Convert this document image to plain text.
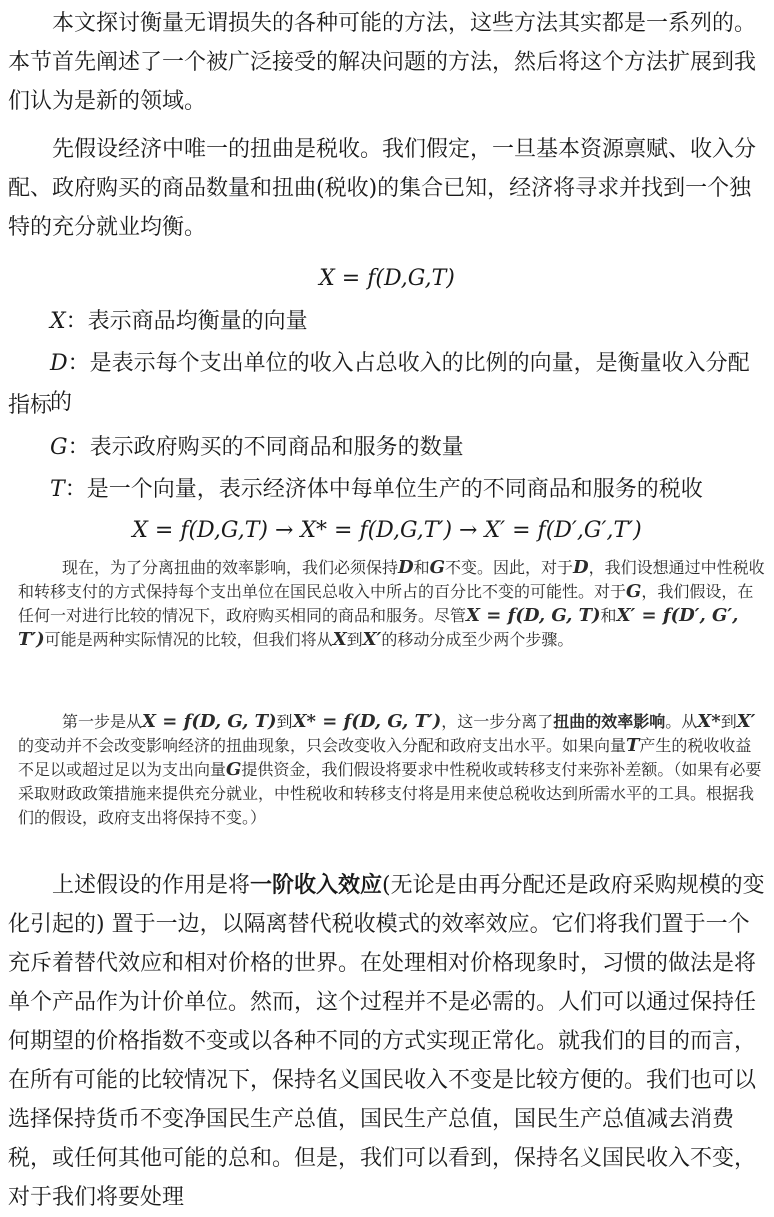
本文探讨衡量无谓损失的各种可能的方法，这些方法其实都是一系列的。本节首先阐述了一个被广泛接受的解决问题的方法，然后将这个方法扩展到我们认为是新的领域。

先假设经济中唯一的扭曲是税收。我们假定，一旦基本资源禀赋、收入分配、政府购买的商品数量和扭曲(税收)的集合已知，经济将寻求并找到一个独特的充分就业均衡。

X = f(D,G,T)

X：表示商品均衡量的向量

D：是表示每个支出单位的收入占总收入的比例的向量，是衡量收入分配的

指标

G：表示政府购买的不同商品和服务的数量

T：是一个向量，表示经济体中每单位生产的不同商品和服务的税收

X = f(D,G,T) → X* = f(D,G,T′) → X′ = f(D′,G′,T′)

现在，为了分离扭曲的效率影响，我们必须保持D和G不变。因此，对于D，我们设想通过中性税收和转移支付的方式保持每个支出单位在国民总收入中所占的百分比不变的可能性。对于G，我们假设，在任何一对进行比较的情况下，政府购买相同的商品和服务。尽管X = f(D, G, T)和X′ = f(D′, G′, T′)可能是两种实际情况的比较，但我们将从X到X′的移动分成至少两个步骤。

第一步是从X = f(D, G, T)到X* = f(D, G, T′)，这一步分离了扭曲的效率影响。从X*到X′的变动并不会改变影响经济的扭曲现象，只会改变收入分配和政府支出水平。如果向量T产生的税收收益不足以或超过足以为支出向量G提供资金，我们假设将要求中性税收或转移支付来弥补差额。（如果有必要采取财政政策措施来提供充分就业，中性税收和转移支付将是用来使总税收达到所需水平的工具。根据我们的假设，政府支出将保持不变。）

上述假设的作用是将一阶收入效应(无论是由再分配还是政府采购规模的变化引起的) 置于一边，以隔离替代税收模式的效率效应。它们将我们置于一个充斥着替代效应和相对价格的世界。在处理相对价格现象时，习惯的做法是将单个产品作为计价单位。然而，这个过程并不是必需的。人们可以通过保持任何期望的价格指数不变或以各种不同的方式实现正常化。就我们的目的而言，在所有可能的比较情况下，保持名义国民收入不变是比较方便的。我们也可以选择保持货币不变净国民生产总值，国民生产总值，国民生产总值减去消费税，或任何其他可能的总和。但是，我们可以看到，保持名义国民收入不变，对于我们将要处理
